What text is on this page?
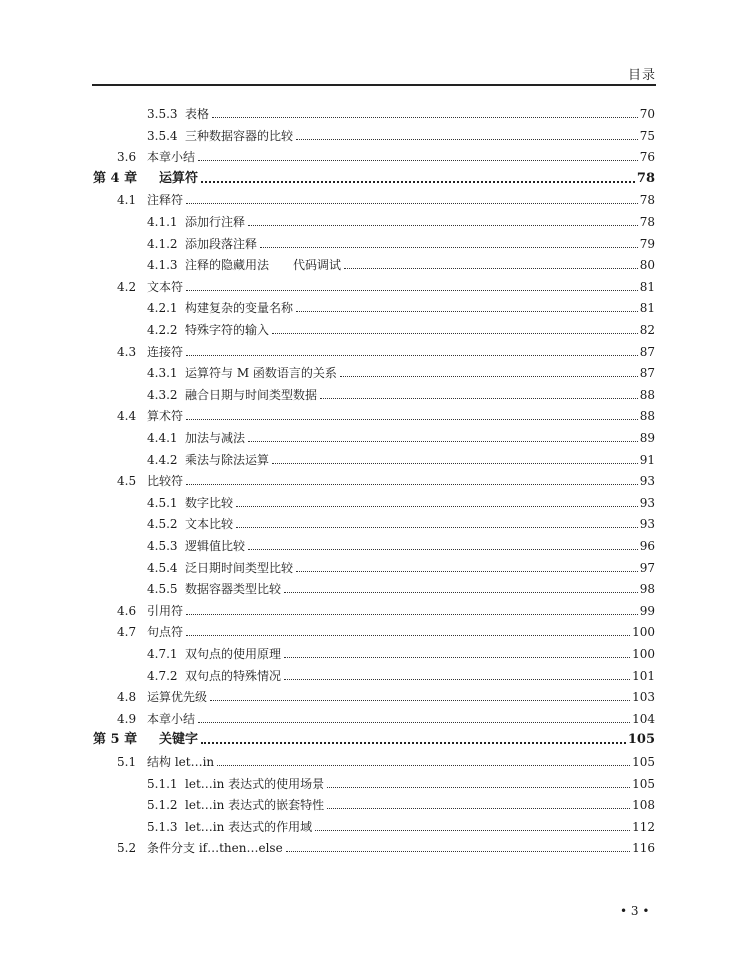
目录
3.5.3 表格	70
3.5.4 三种数据容器的比较	75
3.6 本章小结	76
第 4 章	运算符	78
4.1 注释符	78
4.1.1 添加行注释	78
4.1.2 添加段落注释	79
4.1.3 注释的隐藏用法　　代码调试	80
4.2 文本符	81
4.2.1 构建复杂的变量名称	81
4.2.2 特殊字符的输入	82
4.3 连接符	87
4.3.1 运算符与 M 函数语言的关系	87
4.3.2 融合日期与时间类型数据	88
4.4 算术符	88
4.4.1 加法与减法	89
4.4.2 乘法与除法运算	91
4.5 比较符	93
4.5.1 数字比较	93
4.5.2 文本比较	93
4.5.3 逻辑值比较	96
4.5.4 泛日期时间类型比较	97
4.5.5 数据容器类型比较	98
4.6 引用符	99
4.7 句点符	100
4.7.1 双句点的使用原理	100
4.7.2 双句点的特殊情况	101
4.8 运算优先级	103
4.9 本章小结	104
第 5 章	关键字	105
5.1 结构 let…in	105
5.1.1 let…in 表达式的使用场景	105
5.1.2 let…in 表达式的嵌套特性	108
5.1.3 let…in 表达式的作用域	112
5.2 条件分支 if…then…else	116
• 3 •
